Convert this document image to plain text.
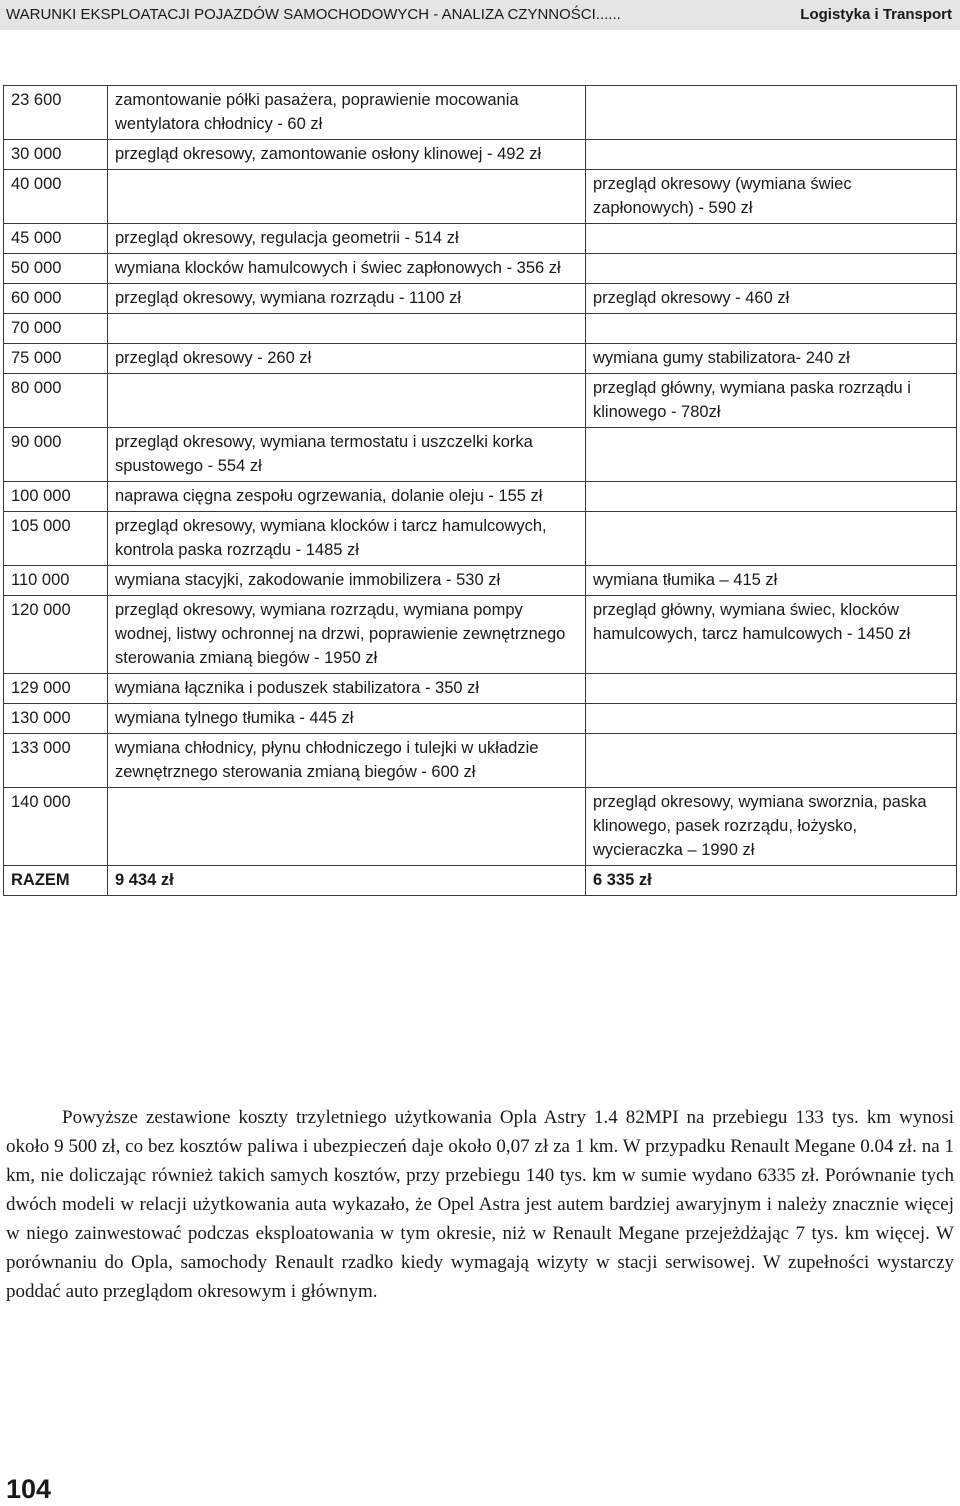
WARUNKI EKSPLOATACJI POJAZDÓW SAMOCHODOWYCH - ANALIZA CZYNNOŚCI......	Logistyka i Transport
23 600	zamontowanie półki pasażera, poprawienie mocowania wentylatora chłodnicy - 60 zł	
30 000	przegląd okresowy, zamontowanie osłony klinowej - 492 zł	
40 000		przegląd okresowy (wymiana świec zapłonowych) - 590 zł
45 000	przegląd okresowy, regulacja geometrii - 514 zł	
50 000	wymiana klocków hamulcowych i świec zapłonowych - 356 zł	
60 000	przegląd okresowy, wymiana rozrządu - 1100 zł	przegląd okresowy - 460 zł
70 000		
75 000	przegląd okresowy - 260 zł	wymiana gumy stabilizatora- 240 zł
80 000		przegląd główny, wymiana paska rozrządu i klinowego - 780zł
90 000	przegląd okresowy, wymiana termostatu i uszczelki korka spustowego - 554 zł	
100 000	naprawa cięgna zespołu ogrzewania, dolanie oleju - 155 zł	
105 000	przegląd okresowy, wymiana klocków i tarcz hamulcowych, kontrola paska rozrządu - 1485 zł	
110 000	wymiana stacyjki, zakodowanie immobilizera - 530 zł	wymiana tłumika – 415 zł
120 000	przegląd okresowy, wymiana rozrządu, wymiana pompy wodnej, listwy ochronnej na drzwi, poprawienie zewnętrznego sterowania zmianą biegów - 1950 zł	przegląd główny, wymiana świec, klocków hamulcowych, tarcz hamulcowych - 1450 zł
129 000	wymiana łącznika i poduszek stabilizatora - 350 zł	
130 000	wymiana tylnego tłumika - 445 zł	
133 000	wymiana chłodnicy, płynu chłodniczego i tulejki w układzie zewnętrznego sterowania zmianą biegów - 600 zł	
140 000		przegląd okresowy, wymiana sworznia, paska klinowego, pasek rozrządu, łożysko, wycieraczka – 1990 zł
RAZEM	9 434 zł	6 335 zł

Powyższe zestawione koszty trzyletniego użytkowania Opla Astry 1.4 82MPI na przebiegu 133 tys. km wynosi około 9 500 zł, co bez kosztów paliwa i ubezpieczeń daje około 0,07 zł za 1 km. W przypadku Renault Megane 0.04 zł. na 1 km, nie doliczając również takich samych kosztów, przy przebiegu 140 tys. km w sumie wydano 6335 zł. Porównanie tych dwóch modeli w relacji użytkowania auta wykazało, że Opel Astra jest autem bardziej awaryjnym i należy znacznie więcej w niego zainwestować podczas eksploatowania w tym okresie, niż w Renault Megane przejeżdżając 7 tys. km więcej. W porównaniu do Opla, samochody Renault rzadko kiedy wymagają wizyty w stacji serwisowej. W zupełności wystarczy poddać auto przeglądom okresowym i głównym.

104
